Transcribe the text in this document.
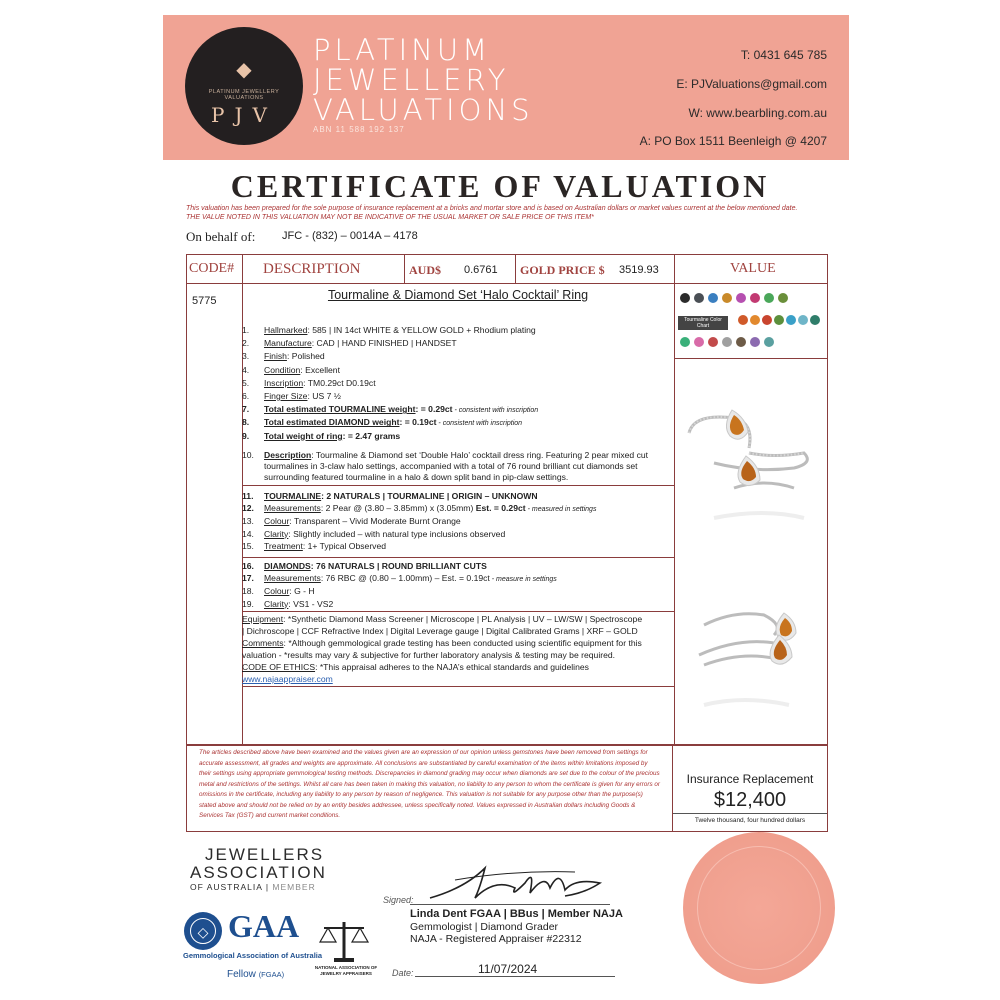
◆
PLATINUM JEWELLERY VALUATIONS
PJV
PLATINUM
JEWELLERY
VALUATIONS
ABN 11 588 192 137
T: 0431 645 785
E: PJValuations@gmail.com
W: www.bearbling.com.au
A: PO Box 1511 Beenleigh @ 4207
CERTIFICATE OF VALUATION
This valuation has been prepared for the sole purpose of insurance replacement at a bricks and mortar store and is based on Australian dollars or market values current at the below mentioned date.
THE VALUE NOTED IN THIS VALUATION MAY NOT BE INDICATIVE OF THE USUAL MARKET OR SALE PRICE OF THIS ITEM*
On behalf of: JFC - (832) – 0014A – 4178
CODE# DESCRIPTION	AUD$ 0.6761 GOLD PRICE $ 3519.93	VALUE
5775	Tourmaline & Diamond Set ‘Halo Cocktail’ Ring
1. Hallmarked: 585 | IN 14ct WHITE & YELLOW GOLD + Rhodium plating
2. Manufacture: CAD | HAND FINISHED | HANDSET
3. Finish: Polished
4. Condition: Excellent
5. Inscription: TM0.29ct D0.19ct
6. Finger Size: US 7 ½
7. Total estimated TOURMALINE weight: = 0.29ct - consistent with inscription
8. Total estimated DIAMOND weight: = 0.19ct - consistent with inscription
9. Total weight of ring: = 2.47 grams
10. Description: Tourmaline & Diamond set ‘Double Halo’ cocktail dress ring. Featuring 2 pear mixed cut
tourmalines in 3-claw halo settings, accompanied with a total of 76 round brilliant cut diamonds set
surrounding featured tourmaline in a halo & down split band in pip-claw settings.
11. TOURMALINE: 2 NATURALS | TOURMALINE | ORIGIN – UNKNOWN
12. Measurements: 2 Pear @ (3.80 – 3.85mm) x (3.05mm) Est. = 0.29ct - measured in settings
13. Colour: Transparent – Vivid Moderate Burnt Orange
14. Clarity: Slightly included – with natural type inclusions observed
15. Treatment: 1+ Typical Observed
16. DIAMONDS: 76 NATURALS | ROUND BRILLIANT CUTS
17. Measurements: 76 RBC @ (0.80 – 1.00mm) – Est. = 0.19ct - measure in settings
18. Colour: G - H
19. Clarity: VS1 - VS2
Equipment: *Synthetic Diamond Mass Screener | Microscope | PL Analysis | UV – LW/SW | Spectroscope
| Dichroscope | CCF Refractive Index | Digital Leverage gauge | Digital Calibrated Grams | XRF – GOLD
Comments: *Although gemmological grade testing has been conducted using scientific equipment for this
valuation - *results may vary & subjective for further laboratory analysis & testing may be required.
CODE OF ETHICS: *This appraisal adheres to the NAJA’s ethical standards and guidelines
www.najaappraiser.com
Tourmaline Color Chart
The articles described above have been examined and the values given are an expression of our opinion unless gemstones have been removed from settings for accurate assessment, all grades and weights are approximate. All conclusions are substantiated by careful examination of the items within limitations imposed by their settings using appropriate gemmological testing methods. Discrepancies in diamond grading may occur when diamonds are set due to the colour of the precious metal and restrictions of the settings. Whilst all care has been taken in making this valuation, no liability to any person to whom the certificate is given for any errors or omissions in the certificate, including any liability to any person by reason of negligence. This valuation is not suitable for any purpose other than the purpose(s) stated above and should not be relied on by an entity besides addressee, unless specifically noted. Values expressed in Australian dollars including Goods & Services Tax (GST) and current market conditions.
Insurance Replacement
$12,400
Twelve thousand, four hundred dollars
JEWELLERS
ASSOCIATION
OF AUSTRALIA | MEMBER
◇ GAA
Gemmological Association of Australia
Fellow (FGAA)
NATIONAL ASSOCIATION OF JEWELRY APPRAISERS
Signed:
Linda Dent FGAA | BBus | Member NAJA
Gemmologist | Diamond Grader
NAJA - Registered Appraiser #22312
Date:	11/07/2024
